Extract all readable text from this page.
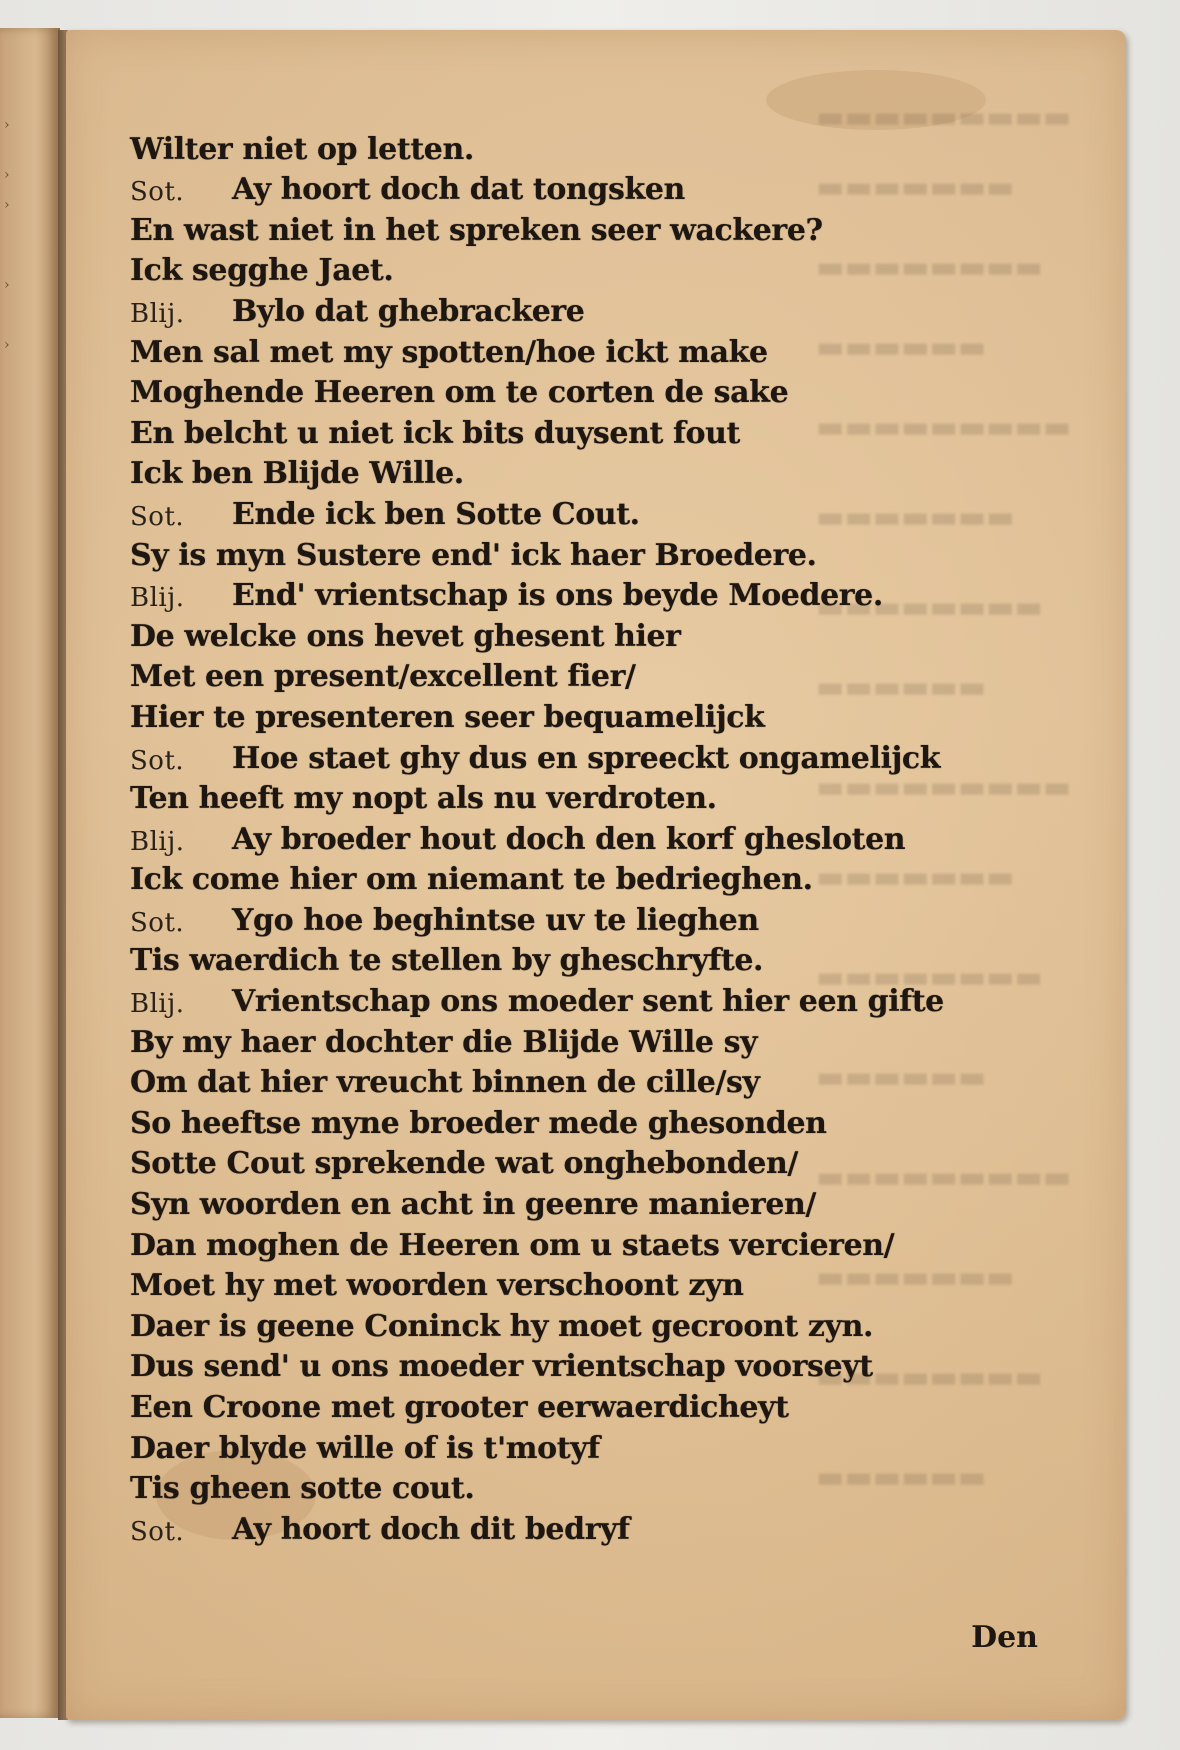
›
›
›
›
›
▬▬▬▬▬▬▬▬▬
▬▬▬▬▬▬▬
▬▬▬▬▬▬▬▬
▬▬▬▬▬▬
▬▬▬▬▬▬▬▬▬
▬▬▬▬▬▬▬
▬▬▬▬▬▬▬▬
▬▬▬▬▬▬
▬▬▬▬▬▬▬▬▬
▬▬▬▬▬▬▬
▬▬▬▬▬▬▬▬
▬▬▬▬▬▬
▬▬▬▬▬▬▬▬▬
▬▬▬▬▬▬▬
▬▬▬▬▬▬▬▬
▬▬▬▬▬▬
Wilter niet op letten.
Sot.	Ay hoort doch dat tongsken
En wast niet in het spreken seer wackere?
Ick segghe Jaet.
Blij.	Bylo dat ghebrackere
Men sal met my spotten/hoe ickt make
Moghende Heeren om te corten de sake
En belcht u niet ick bits duysent fout
Ick ben Blijde Wille.
Sot.	Ende ick ben Sotte Cout.
Sy is myn Sustere end' ick haer Broedere.
Blij.	End' vrientschap is ons beyde Moedere.
De welcke ons hevet ghesent hier
Met een present/excellent fier/
Hier te presenteren seer bequamelijck
Sot.	Hoe staet ghy dus en spreeckt ongamelijck
Ten heeft my nopt als nu verdroten.
Blij.	Ay broeder hout doch den korf ghesloten
Ick come hier om niemant te bedrieghen.
Sot.	Ygo hoe beghintse uv te lieghen
Tis waerdich te stellen by gheschryfte.
Blij.	Vrientschap ons moeder sent hier een gifte
By my haer dochter die Blijde Wille sy
Om dat hier vreucht binnen de cille/sy
So heeftse myne broeder mede ghesonden
Sotte Cout sprekende wat onghebonden/
Syn woorden en acht in geenre manieren/
Dan moghen de Heeren om u staets vercieren/
Moet hy met woorden verschoont zyn
Daer is geene Coninck hy moet gecroont zyn.
Dus send' u ons moeder vrientschap voorseyt
Een Croone met grooter eerwaerdicheyt
Daer blyde wille of is t'motyf
Tis gheen sotte cout.
Sot.	Ay hoort doch dit bedryf
Den
